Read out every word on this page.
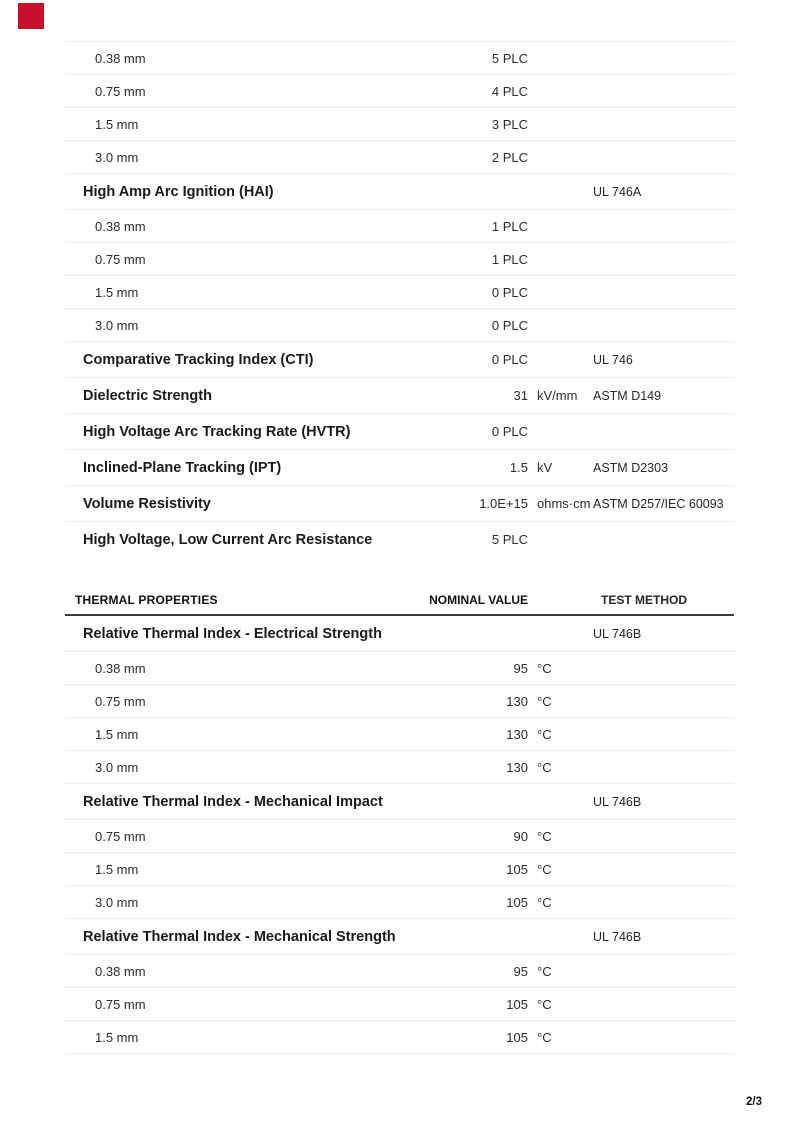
0.38 mm	5 PLC
0.75 mm	4 PLC
1.5 mm	3 PLC
3.0 mm	2 PLC
High Amp Arc Ignition (HAI)	UL 746A
0.38 mm	1 PLC
0.75 mm	1 PLC
1.5 mm	0 PLC
3.0 mm	0 PLC
Comparative Tracking Index (CTI)	0 PLC	UL 746
Dielectric Strength	31 kV/mm	ASTM D149
High Voltage Arc Tracking Rate (HVTR)	0 PLC
Inclined-Plane Tracking (IPT)	1.5 kV	ASTM D2303
Volume Resistivity	1.0E+15 ohms·cm ASTM D257/IEC 60093
High Voltage, Low Current Arc Resistance	5 PLC
THERMAL PROPERTIES	NOMINAL VALUE	TEST METHOD
Relative Thermal Index - Electrical Strength	UL 746B
0.38 mm	95 °C
0.75 mm	130 °C
1.5 mm	130 °C
3.0 mm	130 °C
Relative Thermal Index - Mechanical Impact	UL 746B
0.75 mm	90 °C
1.5 mm	105 °C
3.0 mm	105 °C
Relative Thermal Index - Mechanical Strength	UL 746B
0.38 mm	95 °C
0.75 mm	105 °C
1.5 mm	105 °C
2/3
